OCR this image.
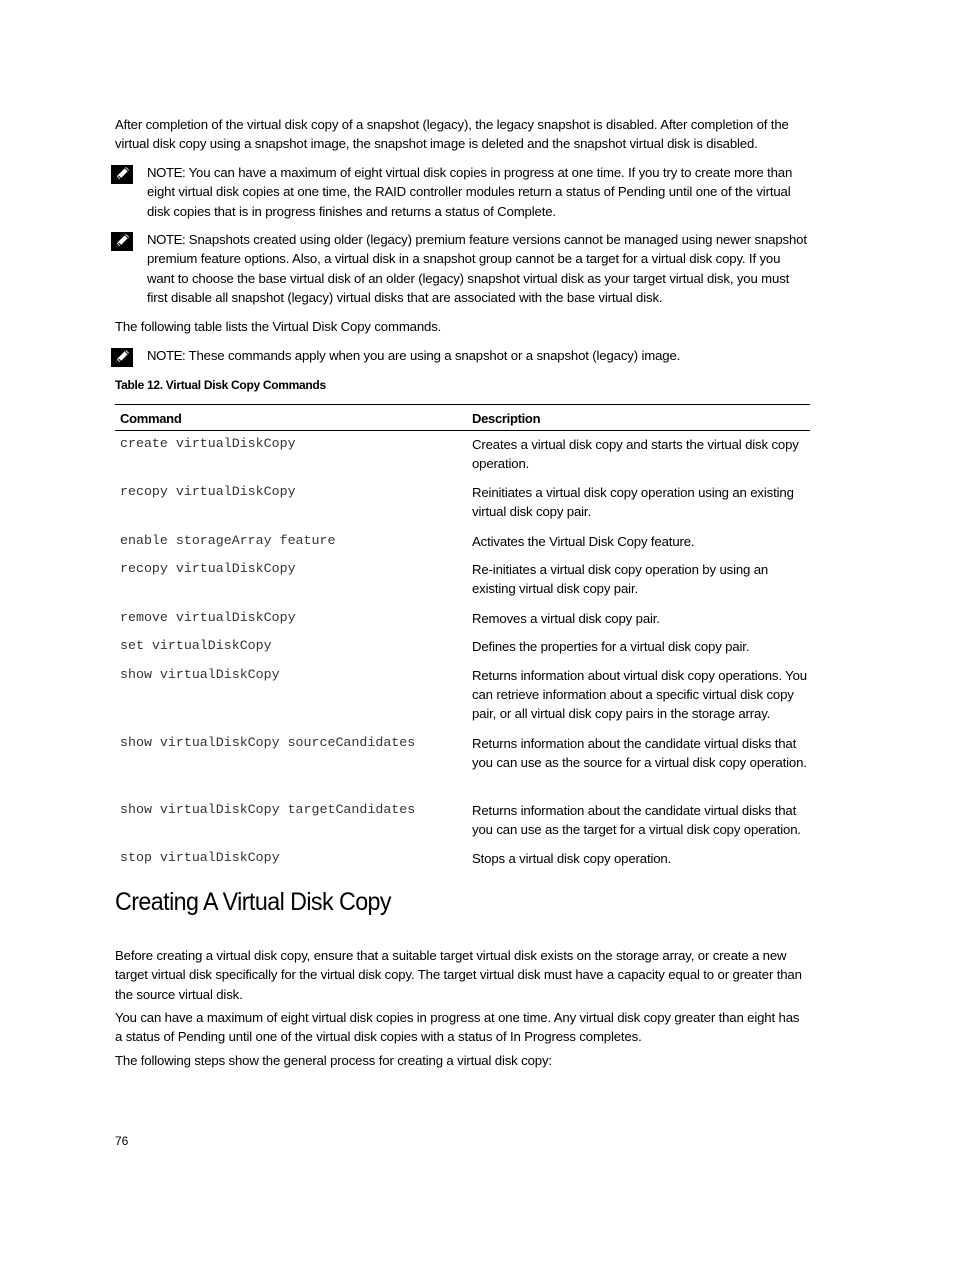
After completion of the virtual disk copy of a snapshot (legacy), the legacy snapshot is disabled. After completion of the virtual disk copy using a snapshot image, the snapshot image is deleted and the snapshot virtual disk is disabled.

NOTE: You can have a maximum of eight virtual disk copies in progress at one time. If you try to create more than eight virtual disk copies at one time, the RAID controller modules return a status of Pending until one of the virtual disk copies that is in progress finishes and returns a status of Complete.
NOTE: Snapshots created using older (legacy) premium feature versions cannot be managed using newer snapshot premium feature options. Also, a virtual disk in a snapshot group cannot be a target for a virtual disk copy. If you want to choose the base virtual disk of an older (legacy) snapshot virtual disk as your target virtual disk, you must first disable all snapshot (legacy) virtual disks that are associated with the base virtual disk.

The following table lists the Virtual Disk Copy commands.

NOTE: These commands apply when you are using a snapshot or a snapshot (legacy) image.
Table 12. Virtual Disk Copy Commands
Command	Description
create virtualDiskCopy	Creates a virtual disk copy and starts the virtual disk copy operation.
recopy virtualDiskCopy	Reinitiates a virtual disk copy operation using an existing virtual disk copy pair.
enable storageArray feature	Activates the Virtual Disk Copy feature.
recopy virtualDiskCopy	Re-initiates a virtual disk copy operation by using an existing virtual disk copy pair.
remove virtualDiskCopy	Removes a virtual disk copy pair.
set virtualDiskCopy	Defines the properties for a virtual disk copy pair.
show virtualDiskCopy	Returns information about virtual disk copy operations. You can retrieve information about a specific virtual disk copy pair, or all virtual disk copy pairs in the storage array.
show virtualDiskCopy sourceCandidates	Returns information about the candidate virtual disks that you can use as the source for a virtual disk copy operation.
show virtualDiskCopy targetCandidates	Returns information about the candidate virtual disks that you can use as the target for a virtual disk copy operation.
stop virtualDiskCopy	Stops a virtual disk copy operation.
Creating A Virtual Disk Copy

Before creating a virtual disk copy, ensure that a suitable target virtual disk exists on the storage array, or create a new target virtual disk specifically for the virtual disk copy. The target virtual disk must have a capacity equal to or greater than the source virtual disk.

You can have a maximum of eight virtual disk copies in progress at one time. Any virtual disk copy greater than eight has a status of Pending until one of the virtual disk copies with a status of In Progress completes.

The following steps show the general process for creating a virtual disk copy:

76
